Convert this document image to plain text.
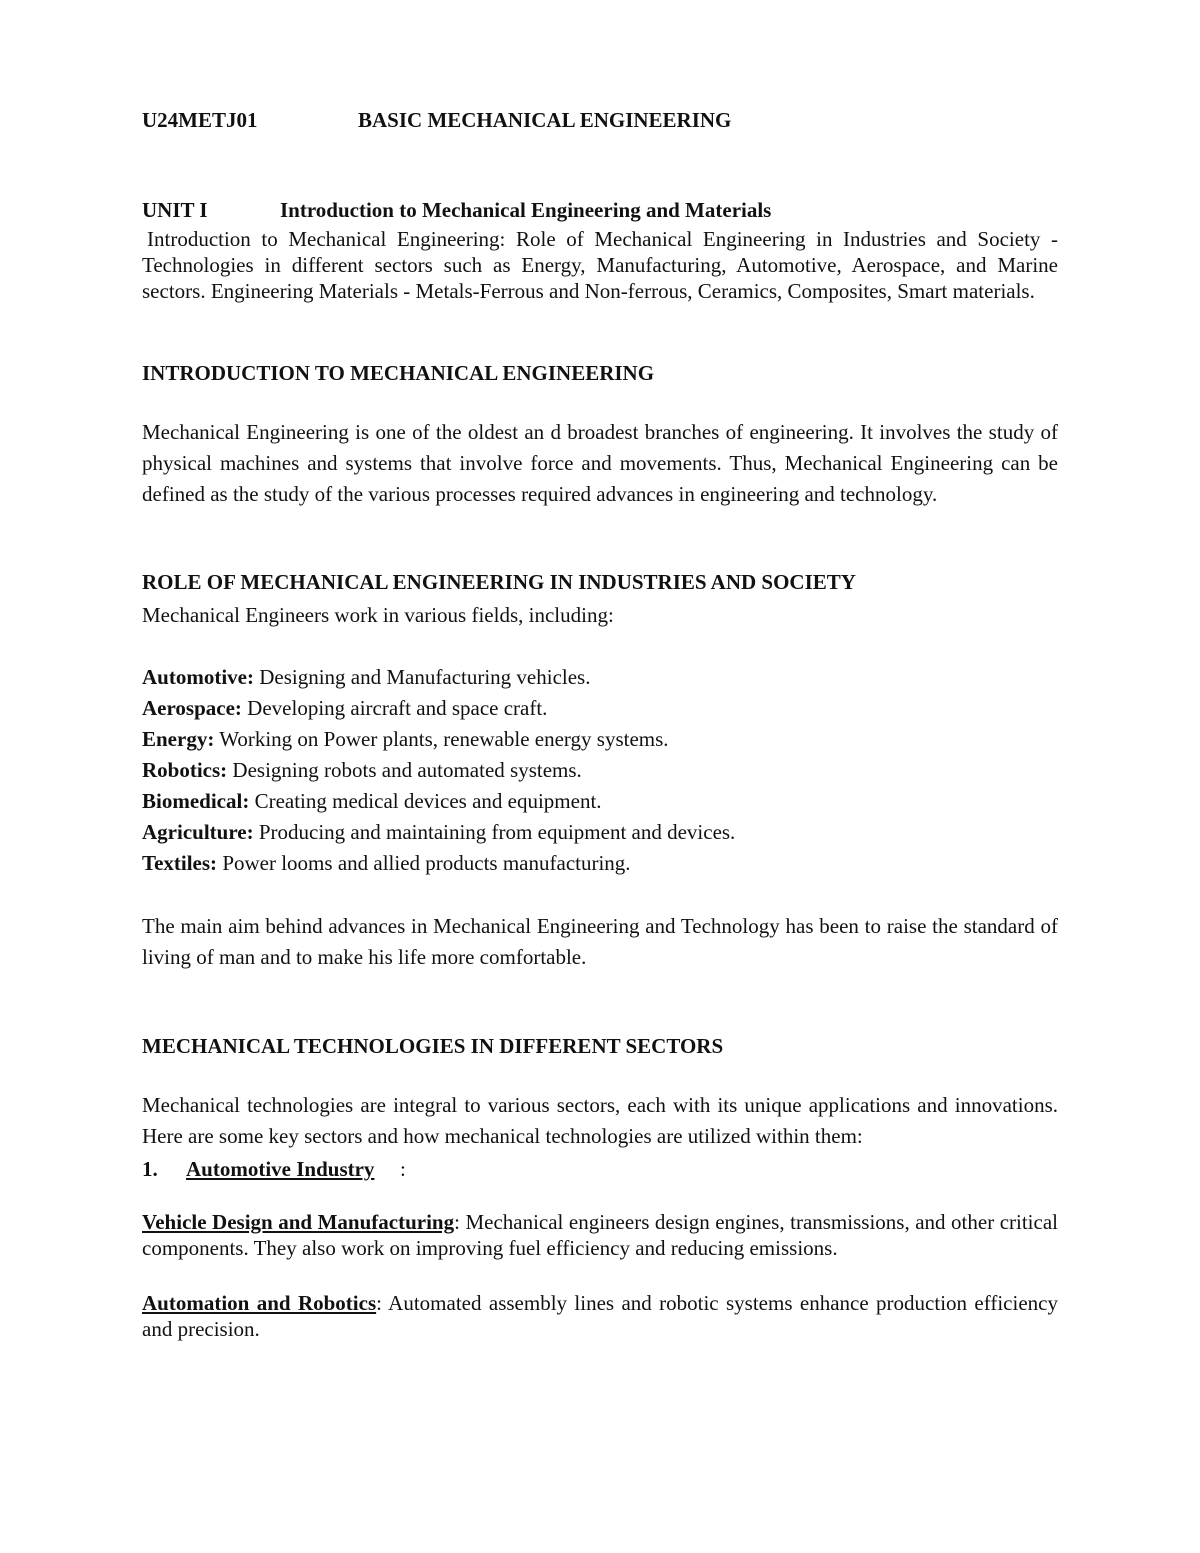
U24METJ01	BASIC MECHANICAL ENGINEERING
UNIT I	Introduction to Mechanical Engineering and Materials

Introduction to Mechanical Engineering: Role of Mechanical Engineering in Industries and Society - Technologies in different sectors such as Energy, Manufacturing, Automotive, Aerospace, and Marine sectors. Engineering Materials - Metals-Ferrous and Non-ferrous, Ceramics, Composites, Smart materials.

INTRODUCTION TO MECHANICAL ENGINEERING

Mechanical Engineering is one of the oldest an d broadest branches of engineering. It involves the study of physical machines and systems that involve force and movements. Thus, Mechanical Engineering can be defined as the study of the various processes required advances in engineering and technology.

ROLE OF MECHANICAL ENGINEERING IN INDUSTRIES AND SOCIETY

Mechanical Engineers work in various fields, including:

Automotive: Designing and Manufacturing vehicles.
Aerospace: Developing aircraft and space craft.
Energy: Working on Power plants, renewable energy systems.
Robotics: Designing robots and automated systems.
Biomedical: Creating medical devices and equipment.
Agriculture: Producing and maintaining from equipment and devices.
Textiles: Power looms and allied products manufacturing.

The main aim behind advances in Mechanical Engineering and Technology has been to raise the standard of living of man and to make his life more comfortable.

MECHANICAL TECHNOLOGIES IN DIFFERENT SECTORS

Mechanical technologies are integral to various sectors, each with its unique applications and innovations. Here are some key sectors and how mechanical technologies are utilized within them:

1. Automotive Industry :

Vehicle Design and Manufacturing: Mechanical engineers design engines, transmissions, and other critical components. They also work on improving fuel efficiency and reducing emissions.

Automation and Robotics: Automated assembly lines and robotic systems enhance production efficiency and precision.
